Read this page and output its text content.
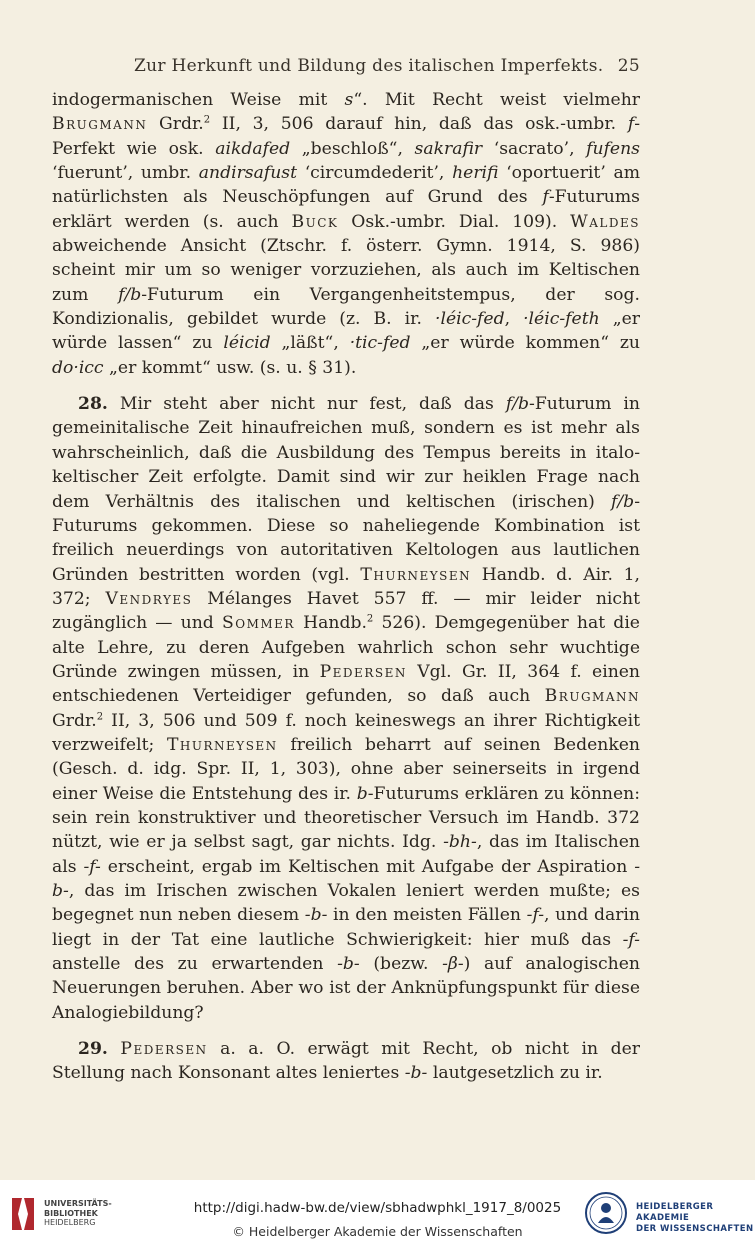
Zur Herkunft und Bildung des italischen Imperfekts. 25

indogermanischen Weise mit s“. Mit Recht weist vielmehr Brugmann Grdr.$^2$ II, 3, 506 darauf hin, daß das osk.-umbr. f-Perfekt wie osk. aikdafed „beschloß“, sakrafir ‘sacrato’, fufens ‘fuerunt’, umbr. andirsafust ‘circumdederit’, herifi ‘oportuerit’ am natürlichsten als Neuschöpfungen auf Grund des f-Futurums erklärt werden (s. auch Buck Osk.-umbr. Dial. 109). Waldes abweichende Ansicht (Ztschr. f. österr. Gymn. 1914, S. 986) scheint mir um so weniger vorzuziehen, als auch im Keltischen zum f/b-Futurum ein Vergangenheitstempus, der sog. Kondizionalis, gebildet wurde (z. B. ir. ·léic-fed, ·léic-feth „er würde lassen“ zu léicid „läßt“, ·tic-fed „er würde kommen“ zu do·icc „er kommt“ usw. (s. u. § 31).

28. Mir steht aber nicht nur fest, daß das f/b-Futurum in gemeinitalische Zeit hinaufreichen muß, sondern es ist mehr als wahrscheinlich, daß die Ausbildung des Tempus bereits in italo-keltischer Zeit erfolgte. Damit sind wir zur heiklen Frage nach dem Verhältnis des italischen und keltischen (irischen) f/b-Futurums gekommen. Diese so naheliegende Kombination ist freilich neuerdings von autoritativen Keltologen aus lautlichen Gründen bestritten worden (vgl. Thurneysen Handb. d. Air. 1, 372; Vendryes Mélanges Havet 557 ff. — mir leider nicht zugänglich — und Sommer Handb.$^2$ 526). Demgegenüber hat die alte Lehre, zu deren Aufgeben wahrlich schon sehr wuchtige Gründe zwingen müssen, in Pedersen Vgl. Gr. II, 364 f. einen entschiedenen Verteidiger gefunden, so daß auch Brugmann Grdr.$^2$ II, 3, 506 und 509 f. noch keineswegs an ihrer Richtigkeit verzweifelt; Thurneysen freilich beharrt auf seinen Bedenken (Gesch. d. idg. Spr. II, 1, 303), ohne aber seinerseits in irgend einer Weise die Entstehung des ir. b-Futurums erklären zu können: sein rein konstruktiver und theoretischer Versuch im Handb. 372 nützt, wie er ja selbst sagt, gar nichts. Idg. -bh-, das im Italischen als -f- erscheint, ergab im Keltischen mit Aufgabe der Aspiration -b-, das im Irischen zwischen Vokalen leniert werden mußte; es begegnet nun neben diesem -b- in den meisten Fällen -f-, und darin liegt in der Tat eine lautliche Schwierigkeit: hier muß das -f- anstelle des zu erwartenden -b- (bezw. -β-) auf analogischen Neuerungen beruhen. Aber wo ist der Anknüpfungspunkt für diese Analogiebildung?

29. Pedersen a. a. O. erwägt mit Recht, ob nicht in der Stellung nach Konsonant altes leniertes -b- lautgesetzlich zu ir.

UNIVERSITÄTS-
BIBLIOTHEK
HEIDELBERG
http://digi.hadw-bw.de/view/sbhadwphkl_1917_8/0025
© Heidelberger Akademie der Wissenschaften
HEIDELBERGER AKADEMIE
DER WISSENSCHAFTEN
